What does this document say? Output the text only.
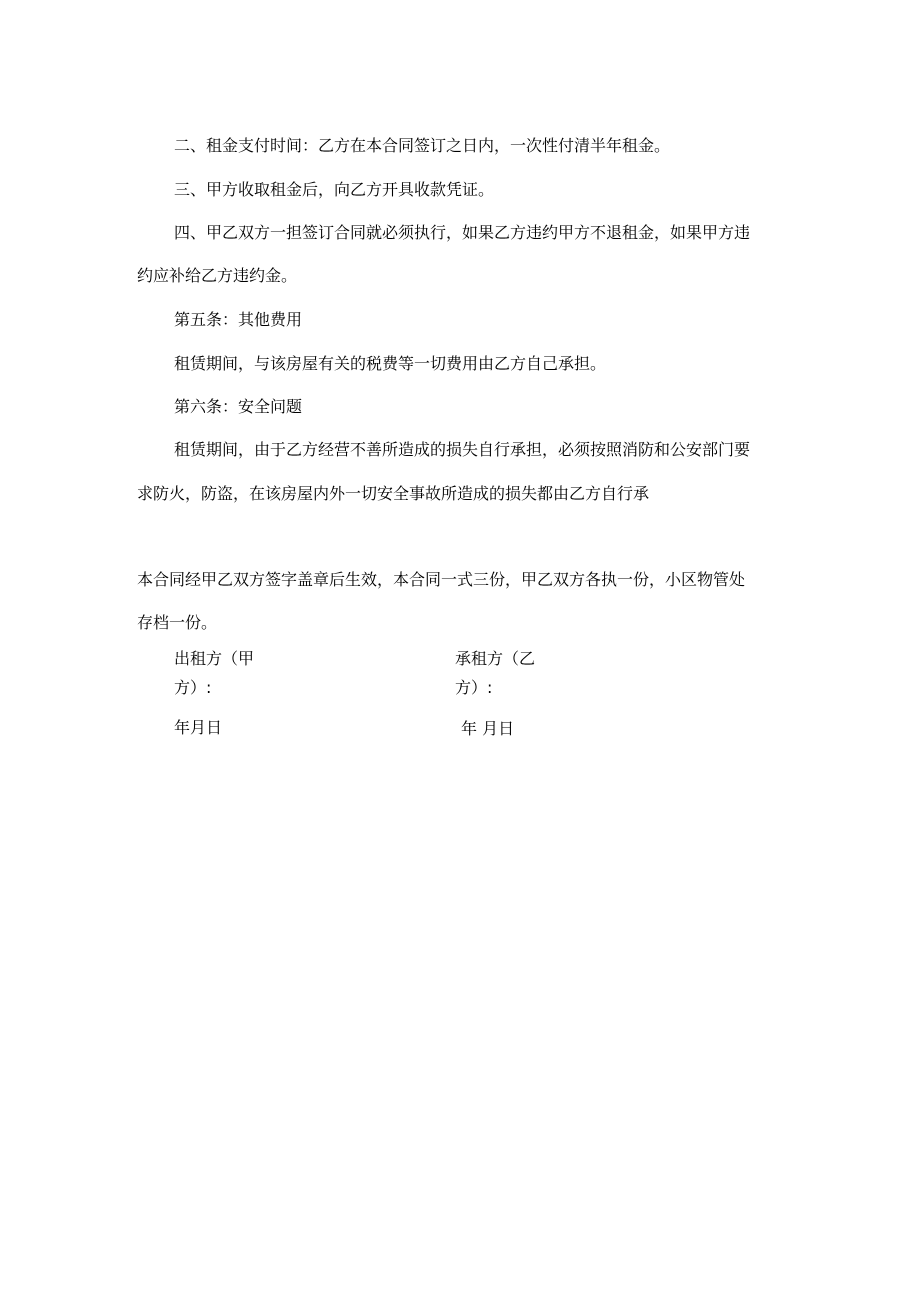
二、租金支付时间：乙方在本合同签订之日内，一次性付清半年租金。
三、甲方收取租金后，向乙方开具收款凭证。
四、甲乙双方一担签订合同就必须执行，如果乙方违约甲方不退租金，如果甲方违
约应补给乙方违约金。
第五条：其他费用
租赁期间，与该房屋有关的税费等一切费用由乙方自己承担。
第六条：安全问题
租赁期间，由于乙方经营不善所造成的损失自行承担，必须按照消防和公安部门要
求防火，防盗，在该房屋内外一切安全事故所造成的损失都由乙方自行承
本合同经甲乙双方签字盖章后生效，本合同一式三份，甲乙双方各执一份，小区物管处
存档一份。
出租方（甲
方）:
承租方（乙
方）:
年月日	年 月日
